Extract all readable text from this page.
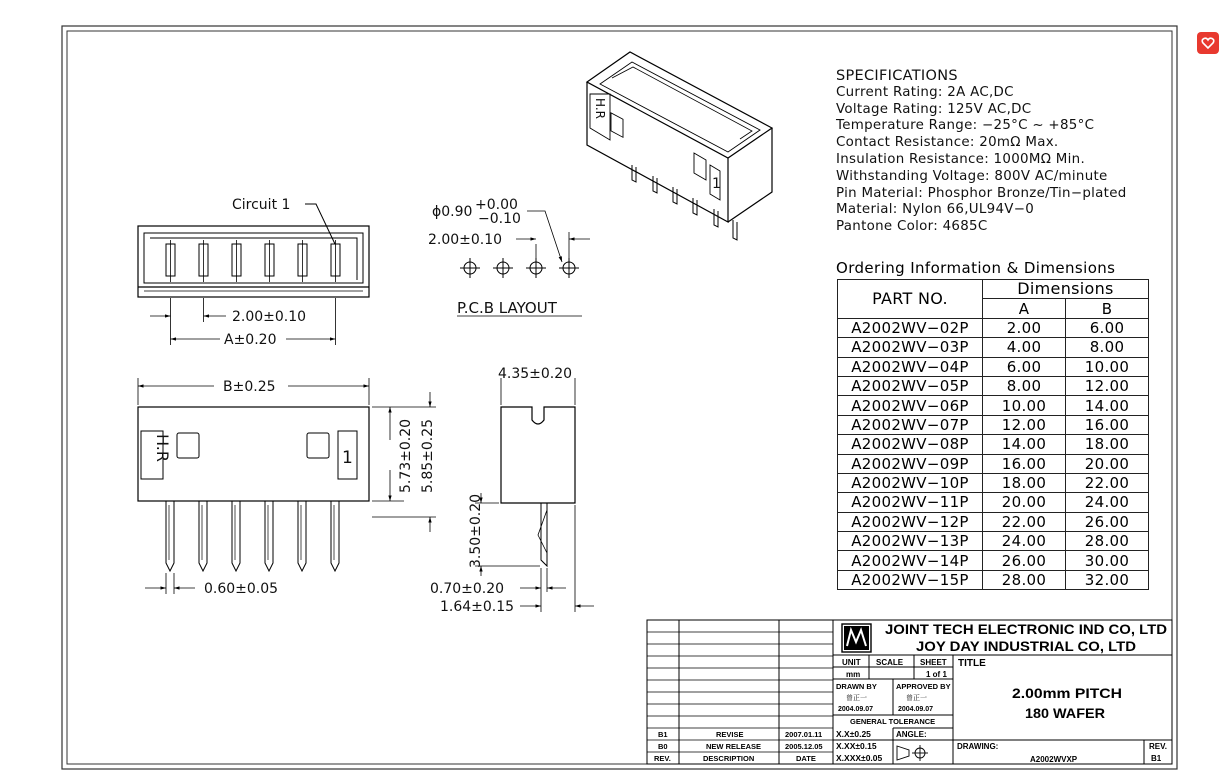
Circuit 1
2.00±0.10
A±0.20
ϕ0.90 +0.00
−0.10
2.00±0.10
P.C.B LAYOUT
H.R	1
B±0.25
5.73±0.20 5.85±0.25
0.60±0.05
4.35±0.20
3.50±0.20
0.70±0.20
1.64±0.15
H.R
1
JOINT TECH ELECTRONIC IND CO, LTD
JOY DAY INDUSTRIAL CO, LTD
UNIT
mm
SCALE SHEET
1 of 1
TITLE
2.00mm PITCH
180 WAFER
DRAWN BY
曾正一
2004.09.07
APPROVED BY
曾正一
2004.09.07
GENERAL TOLERANCE
X.X±0.25
X.XX±0.15
X.XXX±0.05
ANGLE:
DRAWING:
A2002WVXP
REV.
B1
B1	REVISE	2007.01.11
B0	NEW RELEASE	2005.12.05
REV.	DESCRIPTION	DATE
SPECIFICATIONS
Current Rating: 2A AC,DC
Voltage Rating: 125V AC,DC
Temperature Range: −25°C ~ +85°C
Contact Resistance: 20mΩ Max.
Insulation Resistance: 1000MΩ Min.
Withstanding Voltage: 800V AC/minute
Pin Material: Phosphor Bronze/Tin−plated
Material: Nylon 66,UL94V−0
Pantone Color: 4685C
Ordering Information & Dimensions
PART NO.	Dimensions	
	A	B
A2002WV−02P	2.00	6.00
A2002WV−03P	4.00	8.00
A2002WV−04P	6.00	10.00
A2002WV−05P	8.00	12.00
A2002WV−06P	10.00	14.00
A2002WV−07P	12.00	16.00
A2002WV−08P	14.00	18.00
A2002WV−09P	16.00	20.00
A2002WV−10P	18.00	22.00
A2002WV−11P	20.00	24.00
A2002WV−12P	22.00	26.00
A2002WV−13P	24.00	28.00
A2002WV−14P	26.00	30.00
A2002WV−15P	28.00	32.00
